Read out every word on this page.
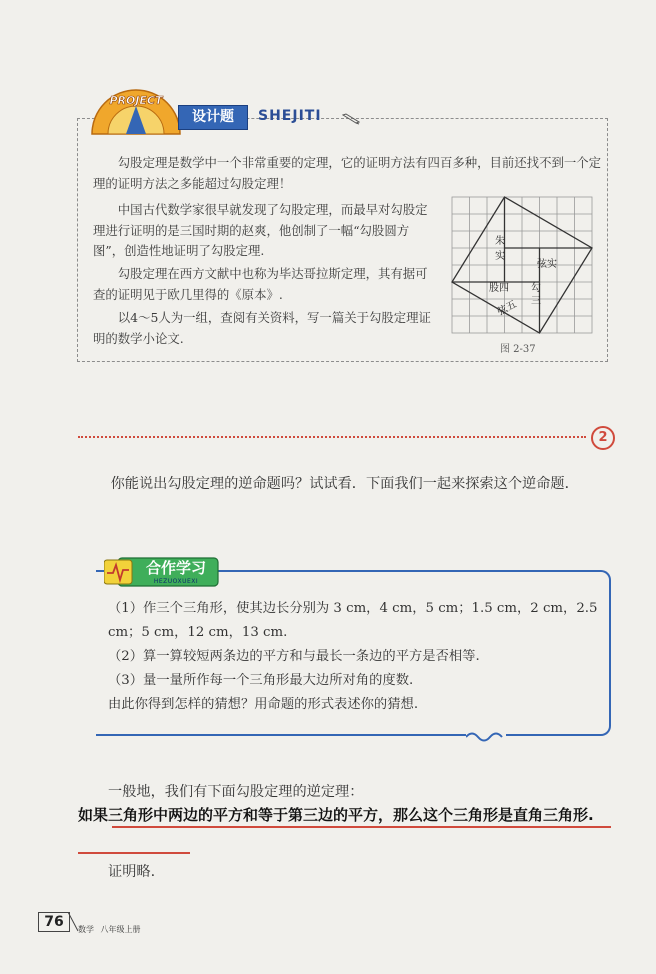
PROJECT
设计题	SHEJITI
勾股定理是数学中一个非常重要的定理，它的证明方法有四百多种，目前还找不到一个定理的证明方法之多能超过勾股定理！
中国古代数学家很早就发现了勾股定理，而最早对勾股定理进行证明的是三国时期的赵爽，他创制了一幅“勾股圆方图”，创造性地证明了勾股定理.
勾股定理在西方文献中也称为毕达哥拉斯定理，其有据可查的证明见于欧几里得的《原本》.
以4～5人为一组，查阅有关资料，写一篇关于勾股定理证明的数学小论文.
朱
实
弦实
股四 勾
三
弦五
图 2-37
2
你能说出勾股定理的逆命题吗？试试看．下面我们一起来探索这个逆命题．
合作学习
HEZUOXUEXI
（1）作三个三角形，使其边长分别为 3 cm，4 cm，5 cm；1.5 cm，2 cm，2.5 cm；5 cm，12 cm，13 cm.
（2）算一算较短两条边的平方和与最长一条边的平方是否相等.
（3）量一量所作每一个三角形最大边所对角的度数.
由此你得到怎样的猜想？用命题的形式表述你的猜想.
一般地，我们有下面勾股定理的逆定理：
如果三角形中两边的平方和等于第三边的平方，那么这个三角形是直角三角形.
证明略.
76	数学 八年级上册
